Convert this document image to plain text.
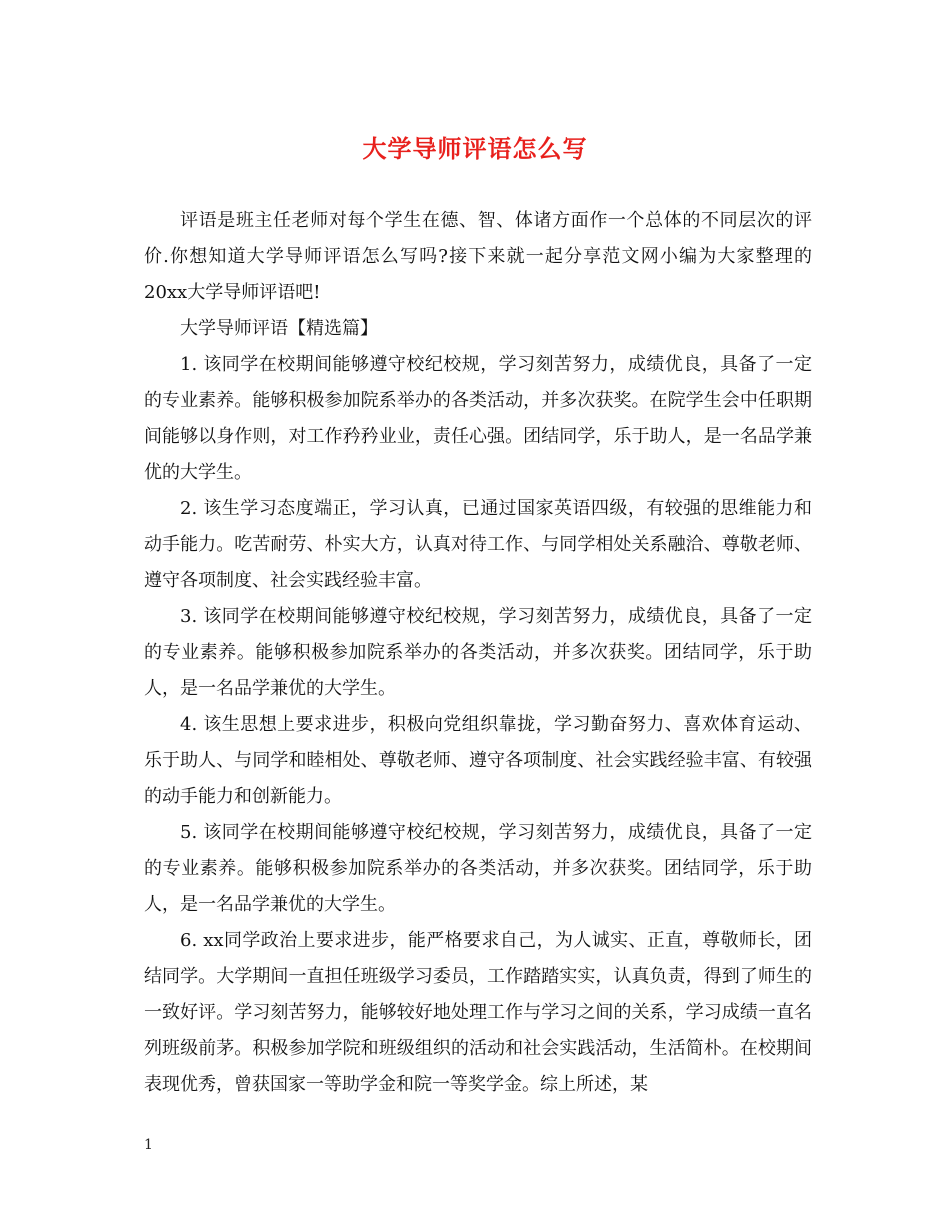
大学导师评语怎么写

评语是班主任老师对每个学生在德、智、体诸方面作一个总体的不同层次的评价.你想知道大学导师评语怎么写吗?接下来就一起分享范文网小编为大家整理的20xx大学导师评语吧!

大学导师评语【精选篇】

1. 该同学在校期间能够遵守校纪校规，学习刻苦努力，成绩优良，具备了一定的专业素养。能够积极参加院系举办的各类活动，并多次获奖。在院学生会中任职期间能够以身作则，对工作矜矜业业，责任心强。团结同学，乐于助人，是一名品学兼优的大学生。

2. 该生学习态度端正，学习认真，已通过国家英语四级，有较强的思维能力和动手能力。吃苦耐劳、朴实大方，认真对待工作、与同学相处关系融洽、尊敬老师、遵守各项制度、社会实践经验丰富。

3. 该同学在校期间能够遵守校纪校规，学习刻苦努力，成绩优良，具备了一定的专业素养。能够积极参加院系举办的各类活动，并多次获奖。团结同学，乐于助人，是一名品学兼优的大学生。

4. 该生思想上要求进步，积极向党组织靠拢，学习勤奋努力、喜欢体育运动、乐于助人、与同学和睦相处、尊敬老师、遵守各项制度、社会实践经验丰富、有较强的动手能力和创新能力。

5. 该同学在校期间能够遵守校纪校规，学习刻苦努力，成绩优良，具备了一定的专业素养。能够积极参加院系举办的各类活动，并多次获奖。团结同学，乐于助人，是一名品学兼优的大学生。

6. xx同学政治上要求进步，能严格要求自己，为人诚实、正直，尊敬师长，团结同学。大学期间一直担任班级学习委员，工作踏踏实实，认真负责，得到了师生的一致好评。学习刻苦努力，能够较好地处理工作与学习之间的关系，学习成绩一直名列班级前茅。积极参加学院和班级组织的活动和社会实践活动，生活简朴。在校期间表现优秀，曾获国家一等助学金和院一等奖学金。综上所述，某

1
